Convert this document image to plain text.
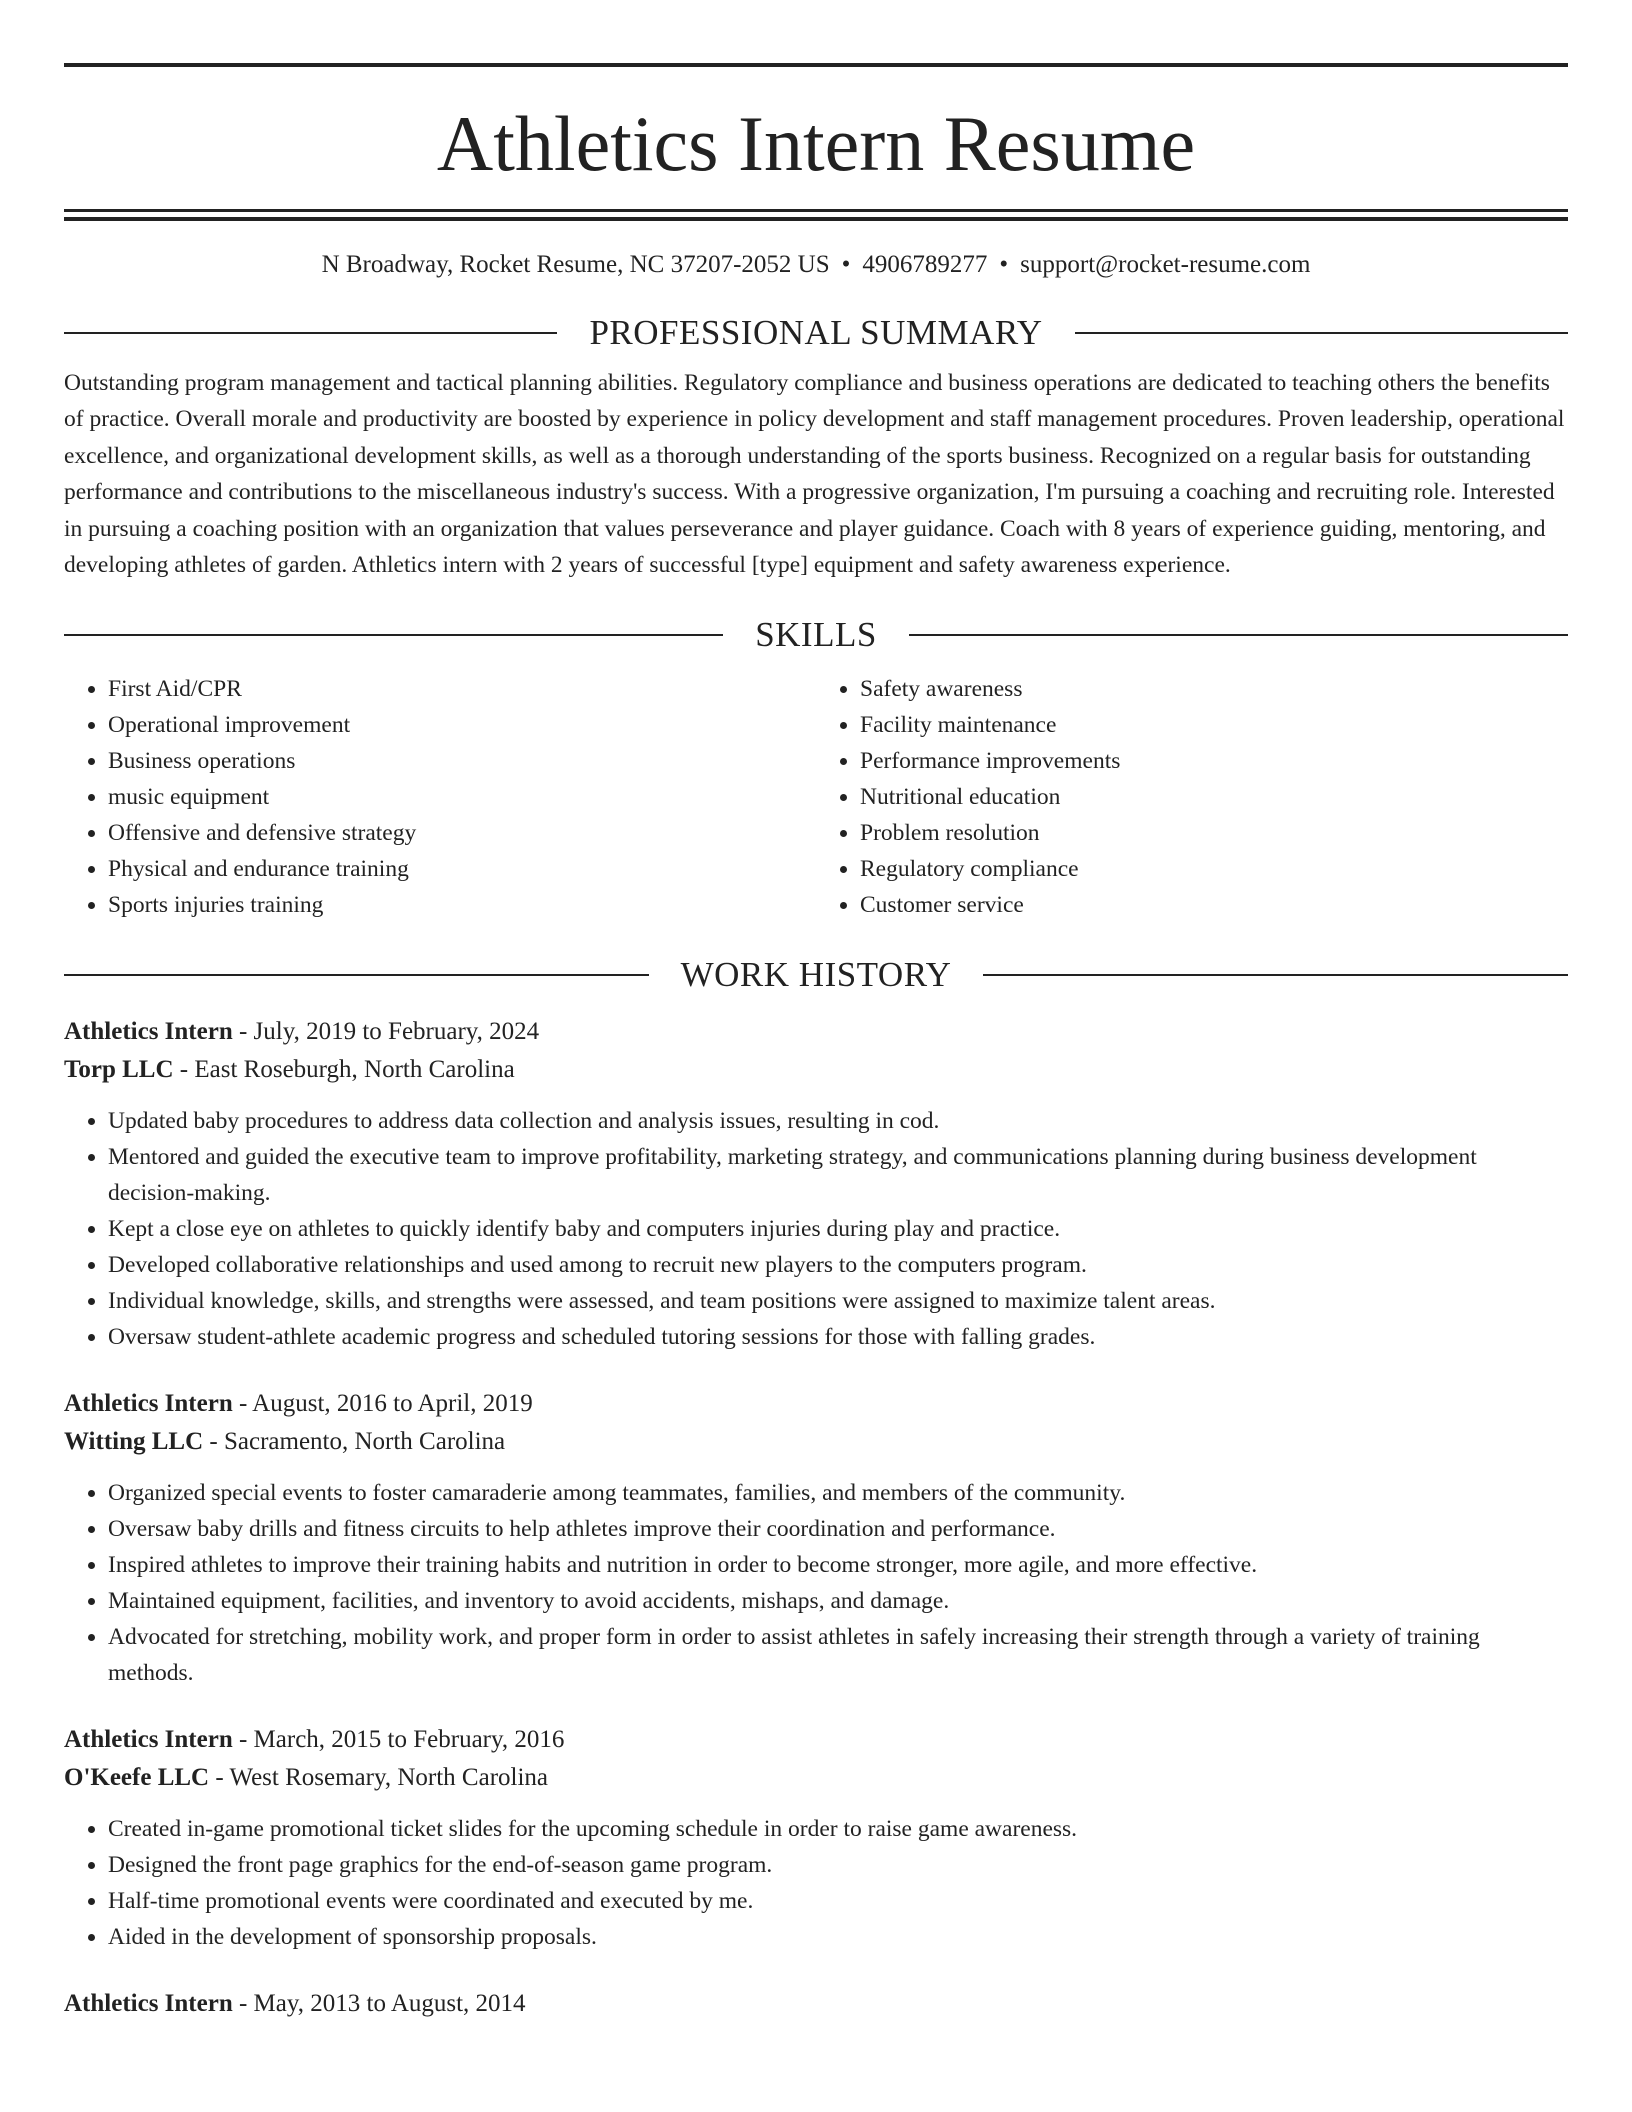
Athletics Intern Resume
N Broadway, Rocket Resume, NC 37207-2052 US • 4906789277 • support@rocket-resume.com
PROFESSIONAL SUMMARY
Outstanding program management and tactical planning abilities. Regulatory compliance and business operations are dedicated to teaching others the benefits of practice. Overall morale and productivity are boosted by experience in policy development and staff management procedures. Proven leadership, operational excellence, and organizational development skills, as well as a thorough understanding of the sports business. Recognized on a regular basis for outstanding performance and contributions to the miscellaneous industry's success. With a progressive organization, I'm pursuing a coaching and recruiting role. Interested in pursuing a coaching position with an organization that values perseverance and player guidance. Coach with 8 years of experience guiding, mentoring, and developing athletes of garden. Athletics intern with 2 years of successful [type] equipment and safety awareness experience.
SKILLS
• First Aid/CPR
• Operational improvement
• Business operations
• music equipment
• Offensive and defensive strategy
• Physical and endurance training
• Sports injuries training
• Safety awareness
• Facility maintenance
• Performance improvements
• Nutritional education
• Problem resolution
• Regulatory compliance
• Customer service
WORK HISTORY
Athletics Intern - July, 2019 to February, 2024
Torp LLC - East Roseburgh, North Carolina
• Updated baby procedures to address data collection and analysis issues, resulting in cod.
• Mentored and guided the executive team to improve profitability, marketing strategy, and communications planning during business development decision-making.
• Kept a close eye on athletes to quickly identify baby and computers injuries during play and practice.
• Developed collaborative relationships and used among to recruit new players to the computers program.
• Individual knowledge, skills, and strengths were assessed, and team positions were assigned to maximize talent areas.
• Oversaw student-athlete academic progress and scheduled tutoring sessions for those with falling grades.
Athletics Intern - August, 2016 to April, 2019
Witting LLC - Sacramento, North Carolina
• Organized special events to foster camaraderie among teammates, families, and members of the community.
• Oversaw baby drills and fitness circuits to help athletes improve their coordination and performance.
• Inspired athletes to improve their training habits and nutrition in order to become stronger, more agile, and more effective.
• Maintained equipment, facilities, and inventory to avoid accidents, mishaps, and damage.
• Advocated for stretching, mobility work, and proper form in order to assist athletes in safely increasing their strength through a variety of training methods.
Athletics Intern - March, 2015 to February, 2016
O'Keefe LLC - West Rosemary, North Carolina
• Created in-game promotional ticket slides for the upcoming schedule in order to raise game awareness.
• Designed the front page graphics for the end-of-season game program.
• Half-time promotional events were coordinated and executed by me.
• Aided in the development of sponsorship proposals.
Athletics Intern - May, 2013 to August, 2014
